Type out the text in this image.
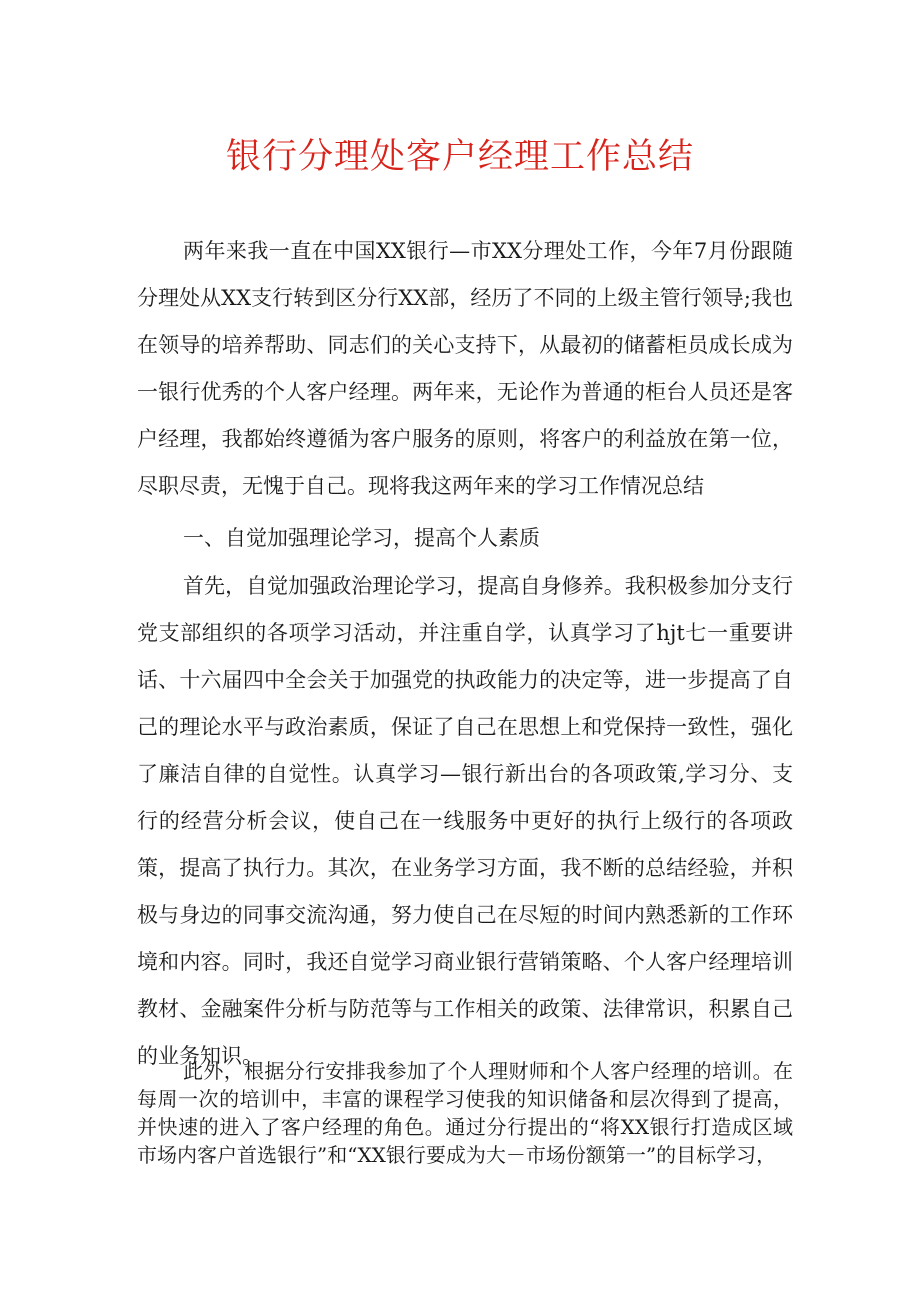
银行分理处客户经理工作总结

两年来我一直在中国XX银行—市XX分理处工作，今年7月份跟随分理处从XX支行转到区分行XX部，经历了不同的上级主管行领导;我也在领导的培养帮助、同志们的关心支持下，从最初的储蓄柜员成长成为一银行优秀的个人客户经理。两年来，无论作为普通的柜台人员还是客户经理，我都始终遵循为客户服务的原则，将客户的利益放在第一位，尽职尽责，无愧于自己。现将我这两年来的学习工作情况总结

一、自觉加强理论学习，提高个人素质

首先，自觉加强政治理论学习，提高自身修养。我积极参加分支行党支部组织的各项学习活动，并注重自学，认真学习了hjt七一重要讲话、十六届四中全会关于加强党的执政能力的决定等，进一步提高了自己的理论水平与政治素质，保证了自己在思想上和党保持一致性，强化了廉洁自律的自觉性。认真学习—银行新出台的各项政策,学习分、支行的经营分析会议，使自己在一线服务中更好的执行上级行的各项政策，提高了执行力。其次，在业务学习方面，我不断的总结经验，并积极与身边的同事交流沟通，努力使自己在尽短的时间内熟悉新的工作环境和内容。同时，我还自觉学习商业银行营销策略、个人客户经理培训教材、金融案件分析与防范等与工作相关的政策、法律常识，积累自己的业务知识。

此外，根据分行安排我参加了个人理财师和个人客户经理的培训。在每周一次的培训中，丰富的课程学习使我的知识储备和层次得到了提高，并快速的进入了客户经理的角色。通过分行提出的“将XX银行打造成区域市场内客户首选银行”和“XX银行要成为大－市场份额第一”的目标学习，
